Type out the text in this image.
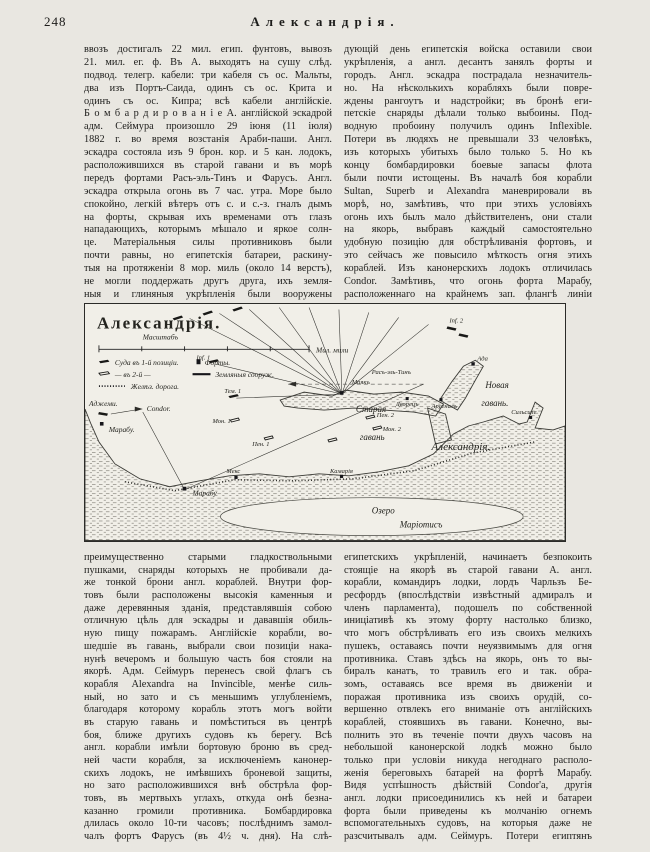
248	Александрія.
ввозъ достигалъ 22 мил. егип. фунтовъ, вывозъ
21. мил. ег. ф. Въ А. выходятъ на сушу слѣд.
подвод. телегр. кабели: три кабеля съ ос. Мальты,
два изъ Портъ-Саида, одинъ съ ос. Крита и
одинъ съ ос. Кипра; всѣ кабели англійскіе.
Б о м б а р д и р о в а н і е А. англійской эскадрой
адм. Сеймура произошло 29 іюня (11 іюля)
1882 г. во время возстанія Араби-паши. Англ.
эскадра состояла изъ 9 брон. кор. и 5 кан. лодокъ,
расположившихся въ старой гавани и въ морѣ
передъ фортами Расъ-эль-Тинъ и Фарусъ. Англ.
эскадра открыла огонь въ 7 час. утра. Море было
спокойно, легкій вѣтеръ отъ с. и с.-з. гналъ дымъ
на форты, скрывая ихъ временами отъ глазъ
нападающихъ, которымъ мѣшало и яркое солн-
це. Матеріальныя силы противниковъ были
почти равны, но египетскія батареи, раскину-
тыя на протяженіи 8 мор. миль (около 14 верстъ),
не могли поддержать другъ друга, ихъ земля-
ныя и глиняныя укрѣпленія были вооружены
дующій день египетскія войска оставили свои
укрѣпленія, а англ. десантъ занялъ форты и
городъ. Англ. эскадра пострадала незначитель-
но. На нѣсколькихъ корабляхъ были повре-
ждены рангоутъ и надстройки; въ бронѣ еги-
петскіе снаряды дѣлали только выбоины. Под-
водную пробоину получилъ одинъ Inflexible.
Потери въ людяхъ не превышали 33 человѣкъ,
изъ которыхъ убитыхъ было только 5. Но къ
концу бомбардировки боевые запасы флота
были почти истощены. Въ началѣ боя корабли
Sultan, Superb и Alexandra маневрировали въ
морѣ, но, замѣтивъ, что при этихъ условіяхъ
огонь ихъ былъ мало дѣйствителенъ, они стали
на якорь, выбравъ каждый самостоятельно
удобную позицію для обстрѣливанія фортовъ, и
это сейчасъ же повысило мѣткость огня этихъ
кораблей. Изъ канонерскихъ лодокъ отличилась
Condor. Замѣтивъ, что огонь форта Марабу,
расположеннаго на крайнемъ зап. флангѣ линіи
Александрія.
Масштабъ
Мил. мили
Суда въ 1-й позиціи.	Форты.
— въ 2-й —	Земляныя сооруж.
Желѣз. дорога.
Аджеми.
Condor.
Марабу.
Марабу
Inf. 1
Inf. 2
Тем. 1
Мон. 1
Пен. 1
Пен. 2
Мон. 2
Мекс	Камарія
Маякъ
Расъ-эль-Тинъ
Дворецъ Арсеналъ
Ада
Сильсиле
Старая
гавань
Новая
гавань.
Александрія.
Озеро
Маріотисъ
преимущественно старыми гладкоствольными
пушками, снаряды которыхъ не пробивали да-
же тонкой брони англ. кораблей. Внутри фор-
товъ были расположены высокія каменныя и
даже деревянныя зданія, представлявшія собою
отличную цѣль для эскадры и дававшія обиль-
ную пищу пожарамъ. Англійскіе корабли, во-
шедшіе въ гавань, выбрали свои позиціи нака-
нунѣ вечеромъ и большую часть боя стояли на
якорѣ. Адм. Сеймуръ перенесъ свой флагъ съ
корабля Alexandra на Invincible, менѣе силь-
ный, но зато и съ меньшимъ углубленіемъ,
благодаря которому корабль этотъ могъ войти
въ старую гавань и помѣститься въ центрѣ
боя, ближе другихъ судовъ къ берегу. Всѣ
англ. корабли имѣли бортовую броню въ сред-
ней части корабля, за исключеніемъ канонер-
скихъ лодокъ, не имѣвшихъ броневой защиты,
но зато расположившихся внѣ обстрѣла фор-
товъ, въ мертвыхъ углахъ, откуда онѣ безна-
казанно громили противника. Бомбардировка
длилась около 10-ти часовъ; послѣднимъ замол-
чалъ фортъ Фарусъ (въ 4½ ч. дня). На слѣ-
египетскихъ укрѣпленій, начинаетъ безпокоить
стоящіе на якорѣ въ старой гавани А. англ.
корабли, командиръ лодки, лордъ Чарльзъ Бе-
ресфордъ (впослѣдствіи извѣстный адмиралъ и
членъ парламента), подошелъ по собственной
иниціативѣ къ этому форту настолько близко,
что могъ обстрѣливать его изъ своихъ мелкихъ
пушекъ, оставаясь почти неуязвимымъ для огня
противника. Ставъ здѣсь на якорь, онъ то вы-
биралъ канатъ, то травилъ его и так. обра-
зомъ, оставаясь все время въ движеніи и
поражая противника изъ своихъ орудій, со-
вершенно отвлекъ его вниманіе отъ англійскихъ
кораблей, стоявшихъ въ гавани. Конечно, вы-
полнить это въ теченіе почти двухъ часовъ на
небольшой канонерской лодкѣ можно было
только при условіи никуда негоднаго располо-
женія береговыхъ батарей на фортѣ Марабу.
Видя успѣшность дѣйствій Condor'а, другія
англ. лодки присоединились къ ней и батареи
форта были приведены къ молчанію огнемъ
вспомогательныхъ судовъ, на которыя даже не
разсчитывалъ адм. Сеймуръ. Потери египтянъ
